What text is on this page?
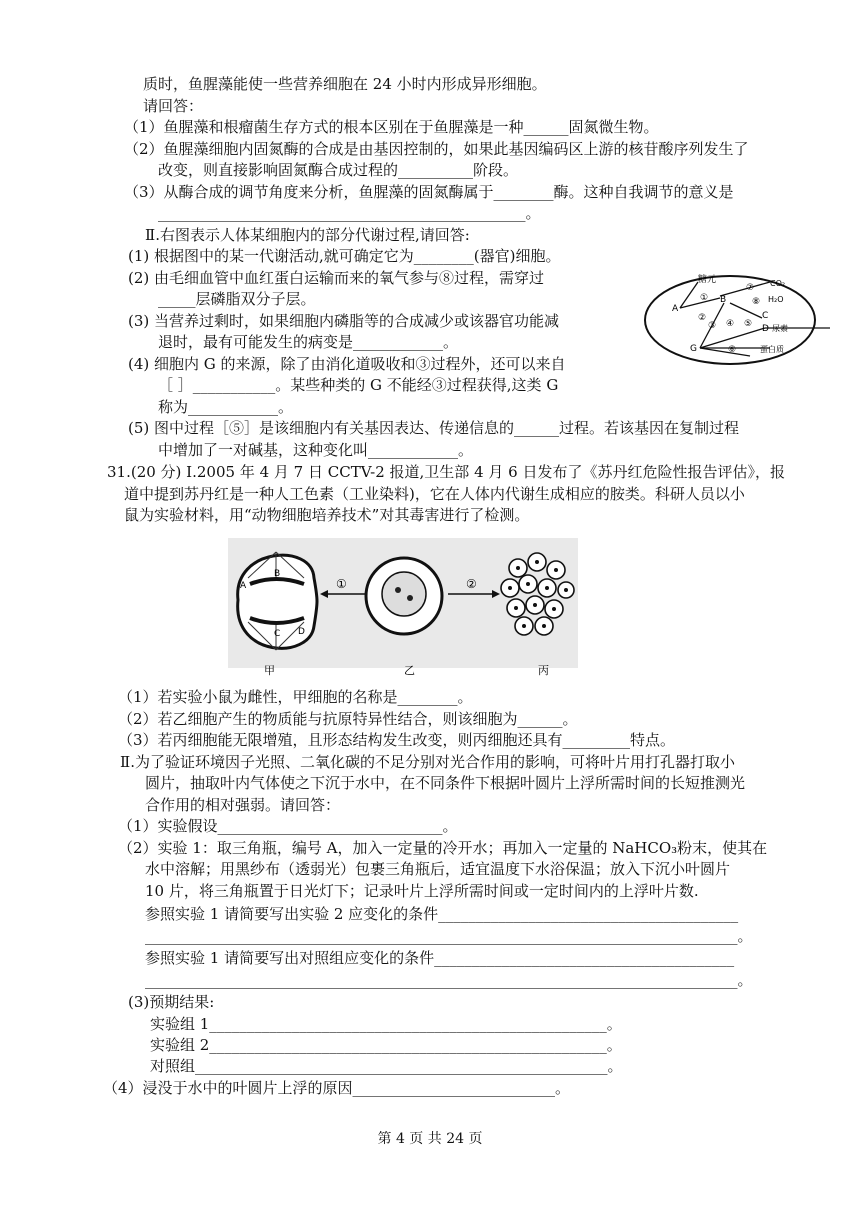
质时，鱼腥藻能使一些营养细胞在 24 小时内形成异形细胞。
请回答：
（1）鱼腥藻和根瘤菌生存方式的根本区别在于鱼腥藻是一种______固氮微生物。
（2）鱼腥藻细胞内固氮酶的合成是由基因控制的，如果此基因编码区上游的核苷酸序列发生了
改变，则直接影响固氮酶合成过程的__________阶段。
（3）从酶合成的调节角度来分析，鱼腥藻的固氮酶属于________酶。这种自我调节的意义是
_________________________________________________。
Ⅱ.右图表示人体某细胞内的部分代谢过程,请回答:
(1) 根据图中的某一代谢活动,就可确定它为________(器官)细胞。
(2) 由毛细血管中血红蛋白运输而来的氧气参与⑧过程，需穿过
_____层磷脂双分子层。
(3) 当营养过剩时，如果细胞内磷脂等的合成减少或该器官功能减
退时，最有可能发生的病变是____________。
(4) 细胞内 G 的来源，除了由消化道吸收和③过程外，还可以来自
［ ］___________。某些种类的 G 不能经③过程获得,这类 G
称为____________。
(5) 图中过程［⑤］是该细胞内有关基因表达、传递信息的______过程。若该基因在复制过程
中增加了一对碱基，这种变化叫____________。
糖元
A
B
C
D
G
CO₂
H₂O
尿素
蛋白质
①
②
③ ④ ⑤
⑥
⑦
⑧
31.(20 分) Ⅰ.2005 年 4 月 7 日 CCTV-2 报道,卫生部 4 月 6 日发布了《苏丹红危险性报告评估》，报
道中提到苏丹红是一种人工色素（工业染料)，它在人体内代谢生成相应的胺类。科研人员以小
鼠为实验材料，用“动物细胞培养技术”对其毒害进行了检测。
A
B
C D
①	②
甲	乙	丙
（1）若实验小鼠为雌性，甲细胞的名称是________。
（2）若乙细胞产生的物质能与抗原特异性结合，则该细胞为______。
（3）若丙细胞能无限增殖，且形态结构发生改变，则丙细胞还具有_________特点。
Ⅱ.为了验证环境因子光照、二氧化碳的不足分别对光合作用的影响，可将叶片用打孔器打取小
圆片，抽取叶内气体使之下沉于水中，在不同条件下根据叶圆片上浮所需时间的长短推测光
合作用的相对强弱。请回答：
（1）实验假设______________________________。
（2）实验 1：取三角瓶，编号 A，加入一定量的冷开水；再加入一定量的 NaHCO₃粉末，使其在
水中溶解；用黑纱布（透弱光）包裹三角瓶后，适宜温度下水浴保温；放入下沉小叶圆片
10 片，将三角瓶置于日光灯下；记录叶片上浮所需时间或一定时间内的上浮叶片数.
参照实验 1 请简要写出实验 2 应变化的条件________________________________________
_______________________________________________________________________________。
参照实验 1 请简要写出对照组应变化的条件________________________________________
_______________________________________________________________________________。
(3)预期结果:
实验组 1_____________________________________________________。
实验组 2_____________________________________________________。
对照组_______________________________________________________。
（4）浸没于水中的叶圆片上浮的原因___________________________。
第 4 页 共 24 页
